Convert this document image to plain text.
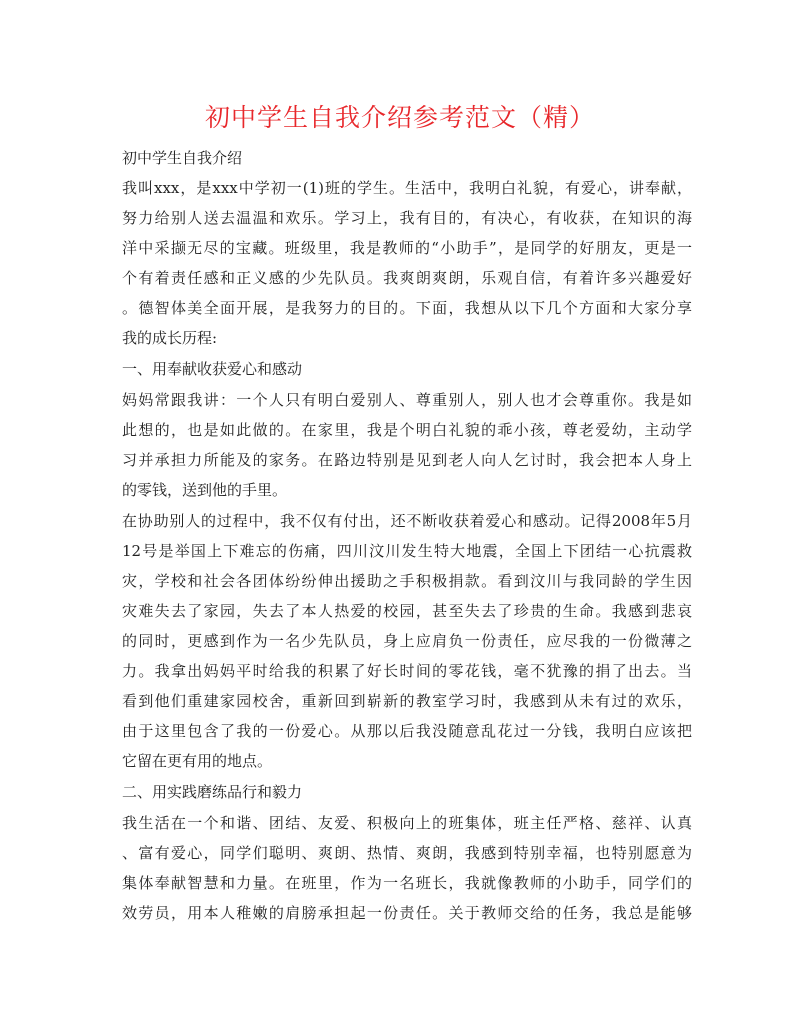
初中学生自我介绍参考范文（精）
初中学生自我介绍
我叫xxx，是xxx中学初一(1)班的学生。生活中，我明白礼貌，有爱心，讲奉献，
努力给别人送去温温和欢乐。学习上，我有目的，有决心，有收获，在知识的海
洋中采撷无尽的宝藏。班级里，我是教师的“小助手”，是同学的好朋友，更是一
个有着责任感和正义感的少先队员。我爽朗爽朗，乐观自信，有着许多兴趣爱好
。德智体美全面开展，是我努力的目的。下面，我想从以下几个方面和大家分享
我的成长历程:
一、用奉献收获爱心和感动
妈妈常跟我讲：一个人只有明白爱别人、尊重别人，别人也才会尊重你。我是如
此想的，也是如此做的。在家里，我是个明白礼貌的乖小孩，尊老爱幼，主动学
习并承担力所能及的家务。在路边特别是见到老人向人乞讨时，我会把本人身上
的零钱，送到他的手里。
在协助别人的过程中，我不仅有付出，还不断收获着爱心和感动。记得2008年5月
12号是举国上下难忘的伤痛，四川汶川发生特大地震，全国上下团结一心抗震救
灾，学校和社会各团体纷纷伸出援助之手积极捐款。看到汶川与我同龄的学生因
灾难失去了家园，失去了本人热爱的校园，甚至失去了珍贵的生命。我感到悲哀
的同时，更感到作为一名少先队员，身上应肩负一份责任，应尽我的一份微薄之
力。我拿出妈妈平时给我的积累了好长时间的零花钱，毫不犹豫的捐了出去。当
看到他们重建家园校舍，重新回到崭新的教室学习时，我感到从未有过的欢乐，
由于这里包含了我的一份爱心。从那以后我没随意乱花过一分钱，我明白应该把
它留在更有用的地点。
二、用实践磨练品行和毅力
我生活在一个和谐、团结、友爱、积极向上的班集体，班主任严格、慈祥、认真
、富有爱心，同学们聪明、爽朗、热情、爽朗，我感到特别幸福，也特别愿意为
集体奉献智慧和力量。在班里，作为一名班长，我就像教师的小助手，同学们的
效劳员，用本人稚嫩的肩膀承担起一份责任。关于教师交给的任务，我总是能够
